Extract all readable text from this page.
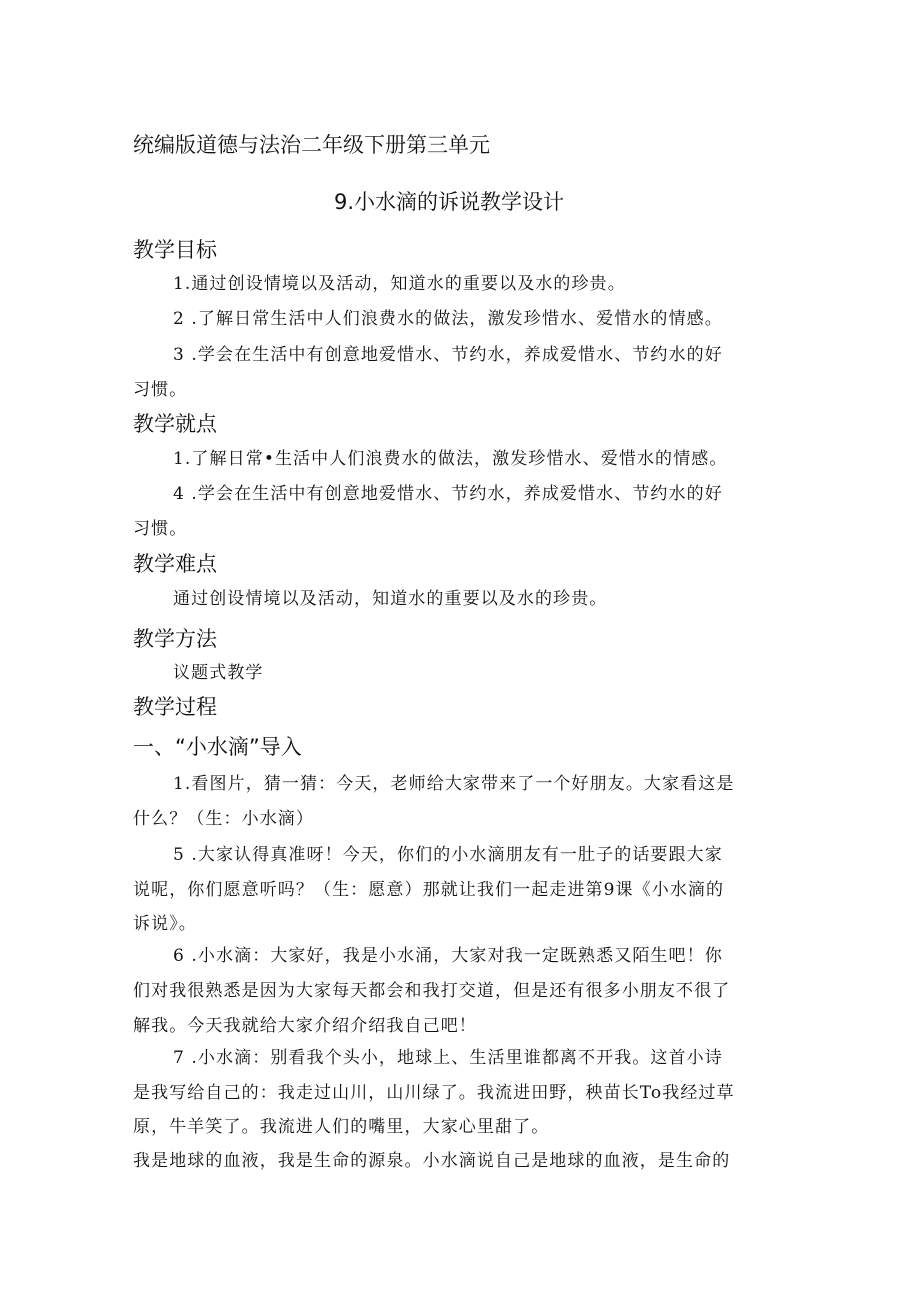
统编版道德与法治二年级下册第三单元
9.小水滴的诉说教学设计
教学目标
1.通过创设情境以及活动，知道水的重要以及水的珍贵。
2 .了解日常生活中人们浪费水的做法，激发珍惜水、爱惜水的情感。
3 .学会在生活中有创意地爱惜水、节约水，养成爱惜水、节约水的好
习惯。
教学就点
1.了解日常•生活中人们浪费水的做法，激发珍惜水、爱惜水的情感。
4 .学会在生活中有创意地爱惜水、节约水，养成爱惜水、节约水的好
习惯。
教学难点
通过创设情境以及活动，知道水的重要以及水的珍贵。
教学方法
议题式教学
教学过程
一、“小水滴”导入
1.看图片，猜一猜：今天，老师给大家带来了一个好朋友。大家看这是
什么？（生：小水滴）
5 .大家认得真准呀！今天，你们的小水滴朋友有一肚子的话要跟大家
说呢，你们愿意听吗？（生：愿意）那就让我们一起走进第9课《小水滴的
诉说》。
6 .小水滴：大家好，我是小水涌，大家对我一定既熟悉又陌生吧！你
们对我很熟悉是因为大家每天都会和我打交道，但是还有很多小朋友不很了
解我。今天我就给大家介绍介绍我自己吧！
7 .小水滴：别看我个头小，地球上、生活里谁都离不开我。这首小诗
是我写给自己的：我走过山川，山川绿了。我流进田野，秧苗长To我经过草
原，牛羊笑了。我流进人们的嘴里，大家心里甜了。
我是地球的血液，我是生命的源泉。小水滴说自己是地球的血液，是生命的
